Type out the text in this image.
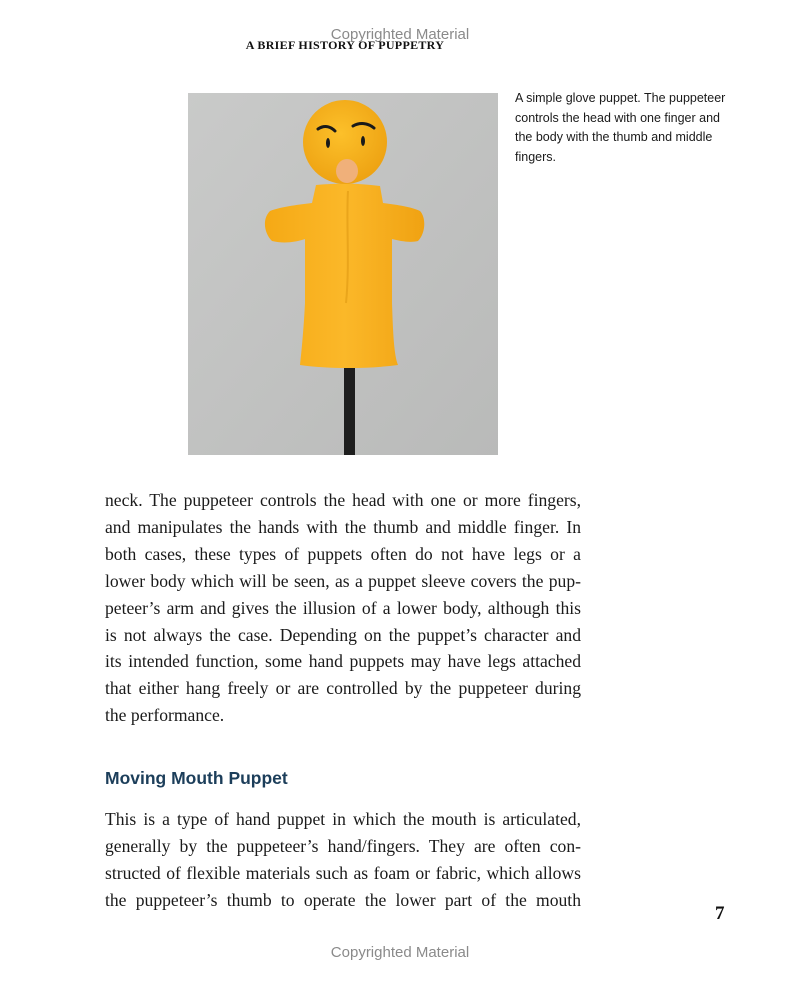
Copyrighted Material
A BRIEF HISTORY OF PUPPETRY
A simple glove puppet. The puppeteer controls the head with one finger and the body with the thumb and middle fingers.
neck. The puppeteer controls the head with one or more fingers,
and manipulates the hands with the thumb and middle finger. In
both cases, these types of puppets often do not have legs or a
lower body which will be seen, as a puppet sleeve covers the pup-
peteer’s arm and gives the illusion of a lower body, although this
is not always the case. Depending on the puppet’s character and
its intended function, some hand puppets may have legs attached
that either hang freely or are controlled by the puppeteer during
the performance.
Moving Mouth Puppet
This is a type of hand puppet in which the mouth is articulated,
generally by the puppeteer’s hand/fingers. They are often con-
structed of flexible materials such as foam or fabric, which allows
the puppeteer’s thumb to operate the lower part of the mouth
7
Copyrighted Material
